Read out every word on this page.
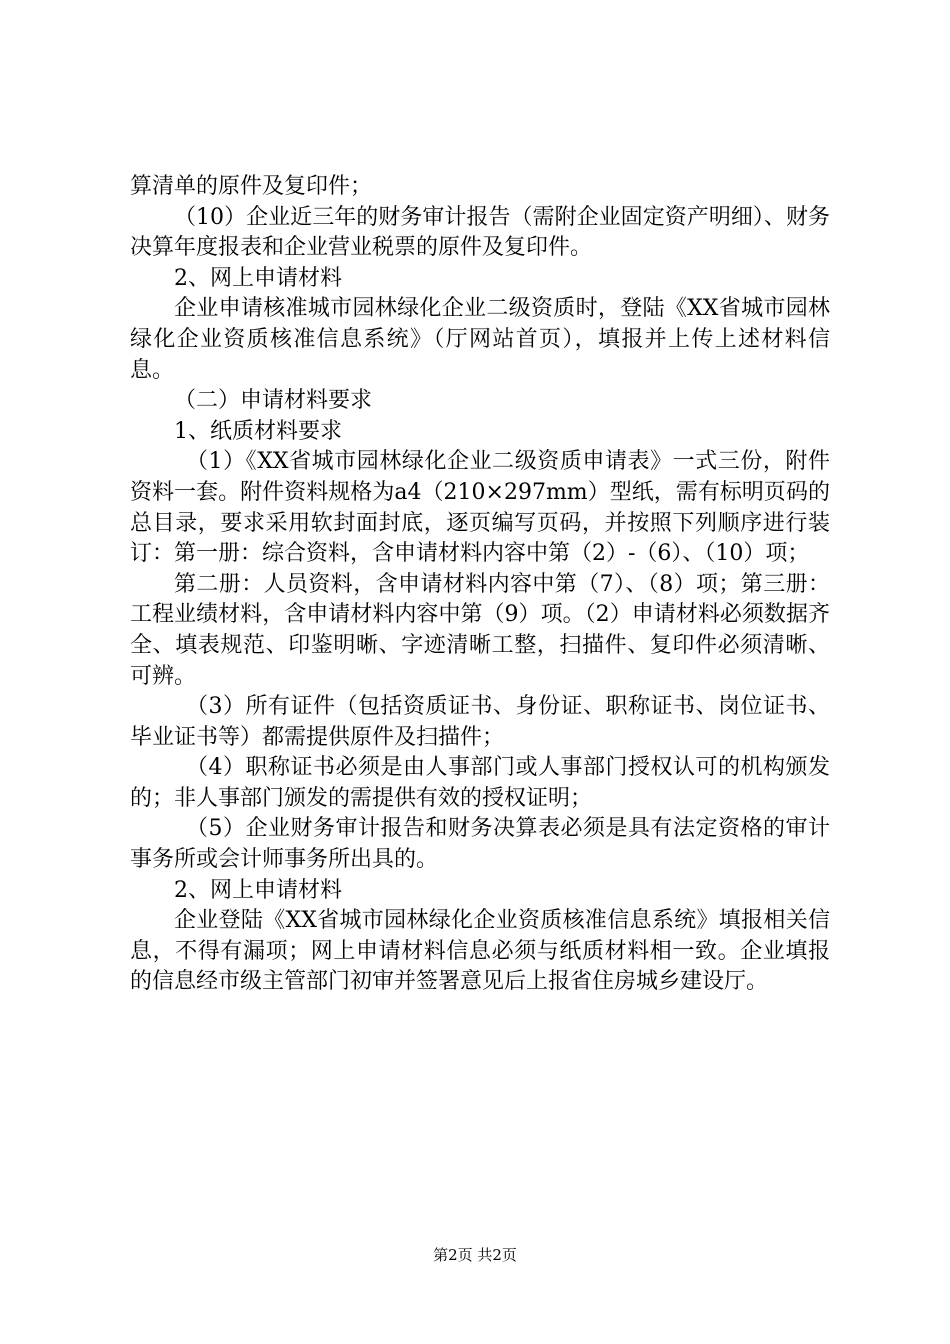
算清单的原件及复印件；

（10）企业近三年的财务审计报告（需附企业固定资产明细）、财务决算年度报表和企业营业税票的原件及复印件。

2、网上申请材料

企业申请核准城市园林绿化企业二级资质时，登陆《XX省城市园林绿化企业资质核准信息系统》（厅网站首页），填报并上传上述材料信息。

（二）申请材料要求

1、纸质材料要求

（1）《XX省城市园林绿化企业二级资质申请表》一式三份，附件资料一套。附件资料规格为a4（210×297mm）型纸，需有标明页码的总目录，要求采用软封面封底，逐页编写页码，并按照下列顺序进行装订：第一册：综合资料，含申请材料内容中第（2）-（6）、（10）项；

第二册：人员资料，含申请材料内容中第（7）、（8）项；第三册：工程业绩材料，含申请材料内容中第（9）项。（2）申请材料必须数据齐全、填表规范、印鉴明晰、字迹清晰工整，扫描件、复印件必须清晰、可辨。

（3）所有证件（包括资质证书、身份证、职称证书、岗位证书、毕业证书等）都需提供原件及扫描件；

（4）职称证书必须是由人事部门或人事部门授权认可的机构颁发的；非人事部门颁发的需提供有效的授权证明；

（5）企业财务审计报告和财务决算表必须是具有法定资格的审计事务所或会计师事务所出具的。

2、网上申请材料

企业登陆《XX省城市园林绿化企业资质核准信息系统》填报相关信息，不得有漏项；网上申请材料信息必须与纸质材料相一致。企业填报的信息经市级主管部门初审并签署意见后上报省住房城乡建设厅。

第2页 共2页
